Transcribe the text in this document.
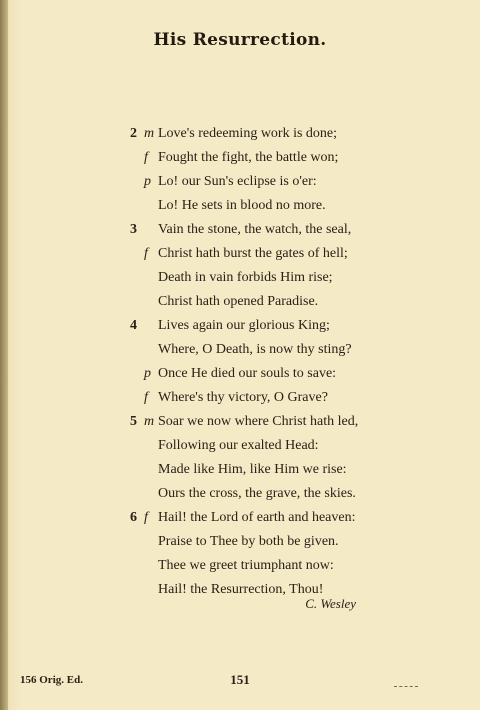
His Resurrection.
2 m Love's redeeming work is done;
f Fought the fight, the battle won;
p Lo! our Sun's eclipse is o'er:
Lo! He sets in blood no more.
3 Vain the stone, the watch, the seal,
f Christ hath burst the gates of hell;
Death in vain forbids Him rise;
Christ hath opened Paradise.
4 Lives again our glorious King;
Where, O Death, is now thy sting?
p Once He died our souls to save:
f Where's thy victory, O Grave?
5 m Soar we now where Christ hath led,
Following our exalted Head:
Made like Him, like Him we rise:
Ours the cross, the grave, the skies.
6 f Hail! the Lord of earth and heaven:
Praise to Thee by both be given.
Thee we greet triumphant now:
Hail! the Resurrection, Thou!
C. Wesley
156 Orig. Ed.	151
